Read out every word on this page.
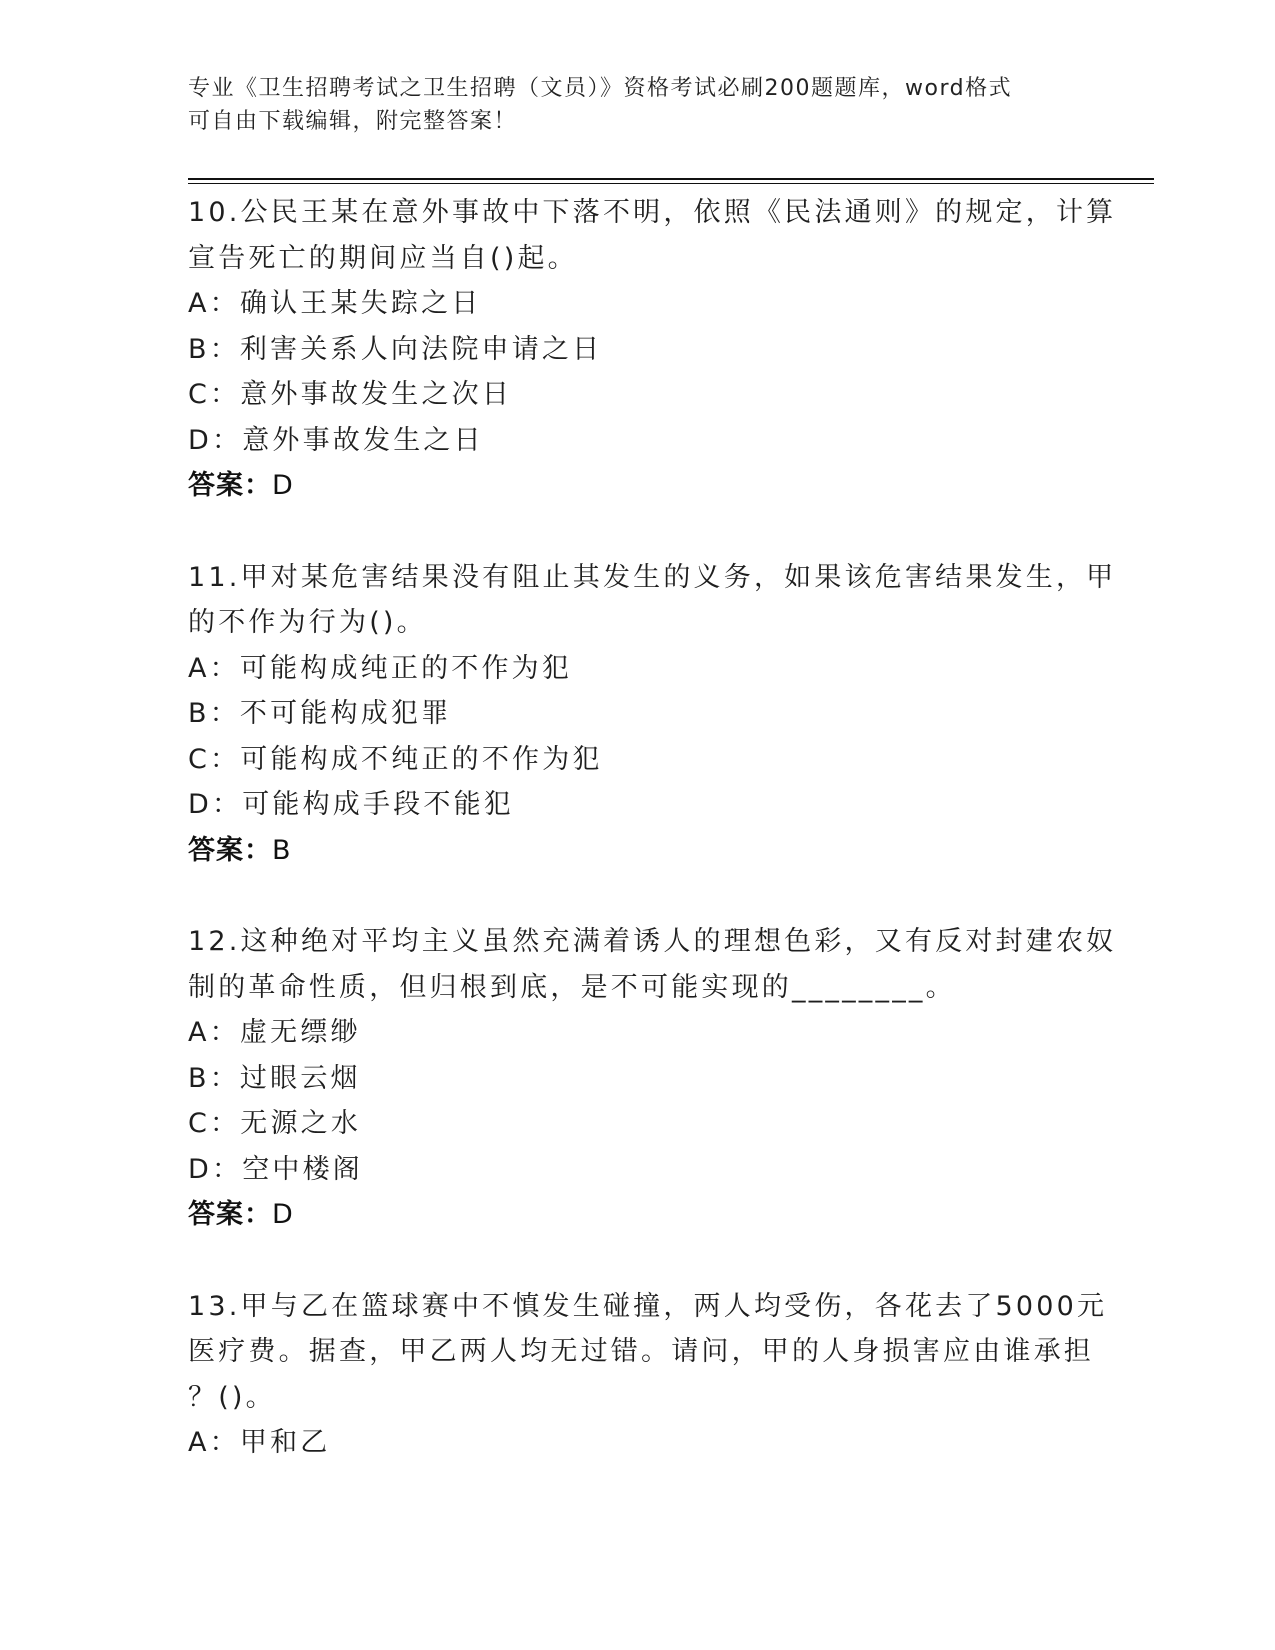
专业《卫生招聘考试之卫生招聘（文员）》资格考试必刷200题题库，word格式
可自由下载编辑，附完整答案！
10.公民王某在意外事故中下落不明，依照《民法通则》的规定，计算
宣告死亡的期间应当自()起。
A：确认王某失踪之日
B：利害关系人向法院申请之日
C：意外事故发生之次日
D：意外事故发生之日
答案：D
11.甲对某危害结果没有阻止其发生的义务，如果该危害结果发生，甲
的不作为行为()。
A：可能构成纯正的不作为犯
B：不可能构成犯罪
C：可能构成不纯正的不作为犯
D：可能构成手段不能犯
答案：B
12.这种绝对平均主义虽然充满着诱人的理想色彩，又有反对封建农奴
制的革命性质，但归根到底，是不可能实现的________。
A：虚无缥缈
B：过眼云烟
C：无源之水
D：空中楼阁
答案：D
13.甲与乙在篮球赛中不慎发生碰撞，两人均受伤，各花去了5000元
医疗费。据查，甲乙两人均无过错。请问，甲的人身损害应由谁承担
？()。
A：甲和乙
